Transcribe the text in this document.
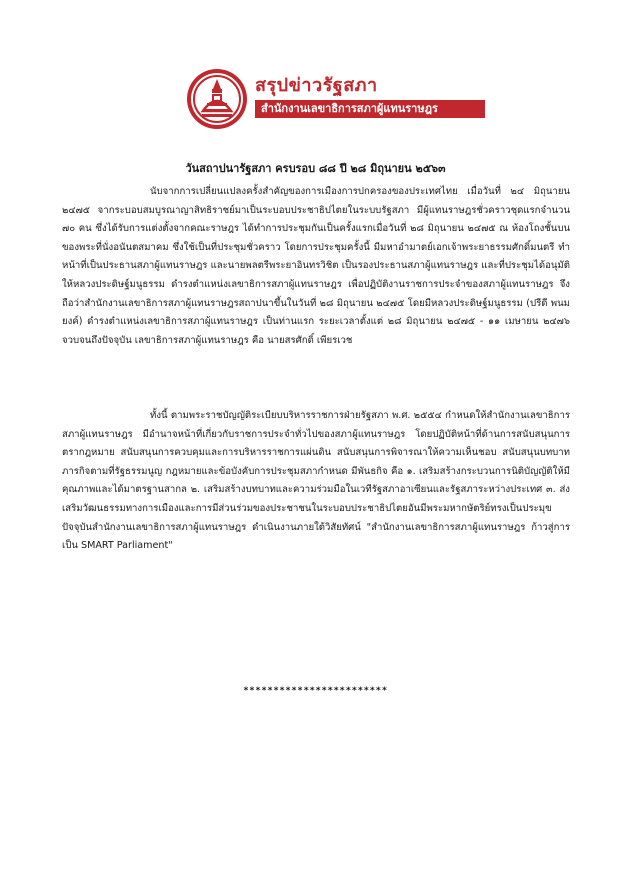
สรุปข่าวรัฐสภา
สำนักงานเลขาธิการสภาผู้แทนราษฎร
วันสถาปนารัฐสภา ครบรอบ ๘๘ ปี ๒๘ มิถุนายน ๒๕๖๓

นับจากการเปลี่ยนแปลงครั้งสำคัญของการเมืองการปกครองของประเทศไทย เมื่อวันที่ ๒๔ มิถุนายน ๒๔๗๕ จากระบอบสมบูรณาญาสิทธิราชย์มาเป็นระบอบประชาธิปไตยในระบบรัฐสภา มีผู้แทนราษฎรชั่วคราวชุดแรกจำนวน ๗๐ คน ซึ่งได้รับการแต่งตั้งจากคณะราษฎร ได้ทำการประชุมกันเป็นครั้งแรกเมื่อวันที่ ๒๘ มิถุนายน ๒๔๗๕ ณ ห้องโถงชั้นบนของพระที่นั่งอนันตสมาคม ซึ่งใช้เป็นที่ประชุมชั่วคราว โดยการประชุมครั้งนี้ มีมหาอำมาตย์เอกเจ้าพระยาธรรมศักดิ์มนตรี ทำหน้าที่เป็นประธานสภาผู้แทนราษฎร และนายพลตรีพระยาอินทรวิชิต เป็นรองประธานสภาผู้แทนราษฎร และที่ประชุมได้อนุมัติให้หลวงประดิษฐ์มนูธรรม ดำรงตำแหน่งเลขาธิการสภาผู้แทนราษฎร เพื่อปฏิบัติงานราชการประจำของสภาผู้แทนราษฎร จึงถือว่าสำนักงานเลขาธิการสภาผู้แทนราษฎรสถาปนาขึ้นในวันที่ ๒๘ มิถุนายน ๒๔๗๕ โดยมีหลวงประดิษฐ์มนูธรรม (ปรีดี พนมยงค์) ดำรงตำแหน่งเลขาธิการสภาผู้แทนราษฎร เป็นท่านแรก ระยะเวลาตั้งแต่ ๒๘ มิถุนายน ๒๔๗๕ - ๑๑ เมษายน ๒๔๗๖ จวบจนถึงปัจจุบัน เลขาธิการสภาผู้แทนราษฎร คือ นายสรศักดิ์ เพียรเวช

ทั้งนี้ ตามพระราชบัญญัติระเบียบบริหารราชการฝ่ายรัฐสภา พ.ศ. ๒๕๕๔ กำหนดให้สำนักงานเลขาธิการสภาผู้แทนราษฎร มีอำนาจหน้าที่เกี่ยวกับราชการประจำทั่วไปของสภาผู้แทนราษฎร โดยปฏิบัติหน้าที่ด้านการสนับสนุนการตรากฎหมาย สนับสนุนการควบคุมและการบริหารราชการแผ่นดิน สนับสนุนการพิจารณาให้ความเห็นชอบ สนับสนุนบทบาทภารกิจตามที่รัฐธรรมนูญ กฎหมายและข้อบังคับการประชุมสภากำหนด มีพันธกิจ คือ ๑. เสริมสร้างกระบวนการนิติบัญญัติให้มีคุณภาพและได้มาตรฐานสากล ๒. เสริมสร้างบทบาทและความร่วมมือในเวทีรัฐสภาอาเซียนและรัฐสภาระหว่างประเทศ ๓. ส่งเสริมวัฒนธรรมทางการเมืองและการมีส่วนร่วมของประชาชนในระบอบประชาธิปไตยอันมีพระมหากษัตริย์ทรงเป็นประมุข ปัจจุบันสำนักงานเลขาธิการสภาผู้แทนราษฎร ดำเนินงานภายใต้วิสัยทัศน์ "สำนักงานเลขาธิการสภาผู้แทนราษฎร ก้าวสู่การเป็น SMART Parliament"

************************
